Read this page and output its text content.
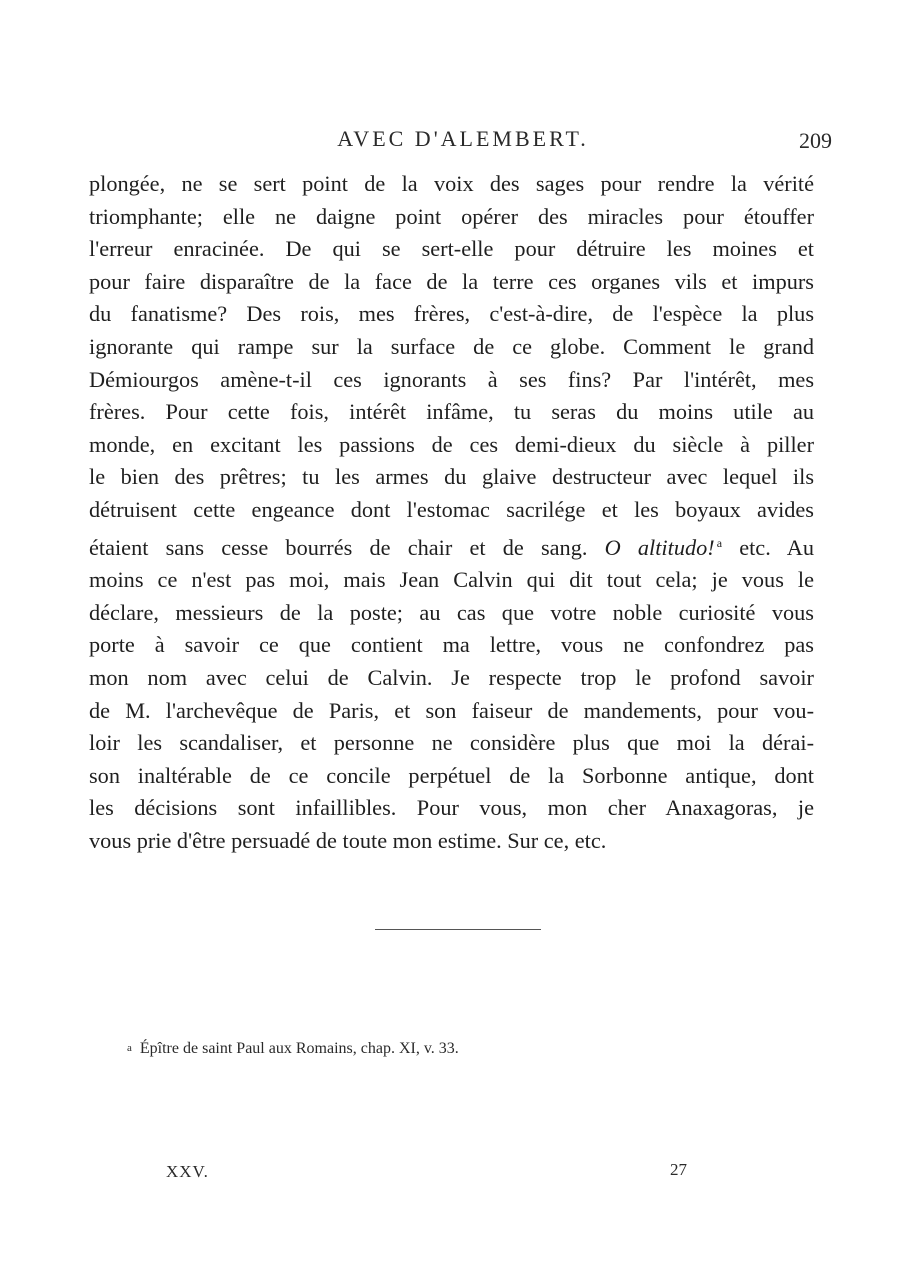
AVEC D'ALEMBERT.	209

plongée, ne se sert point de la voix des sages pour rendre la vérité
triomphante; elle ne daigne point opérer des miracles pour étouffer
l'erreur enracinée. De qui se sert-elle pour détruire les moines et
pour faire disparaître de la face de la terre ces organes vils et impurs
du fanatisme? Des rois, mes frères, c'est-à-dire, de l'espèce la plus
ignorante qui rampe sur la surface de ce globe. Comment le grand
Démiourgos amène-t-il ces ignorants à ses fins? Par l'intérêt, mes
frères. Pour cette fois, intérêt infâme, tu seras du moins utile au
monde, en excitant les passions de ces demi-dieux du siècle à piller
le bien des prêtres; tu les armes du glaive destructeur avec lequel ils
détruisent cette engeance dont l'estomac sacrilége et les boyaux avides
étaient sans cesse bourrés de chair et de sang. O altitudo! $^a$ etc. Au
moins ce n'est pas moi, mais Jean Calvin qui dit tout cela; je vous le
déclare, messieurs de la poste; au cas que votre noble curiosité vous
porte à savoir ce que contient ma lettre, vous ne confondrez pas
mon nom avec celui de Calvin. Je respecte trop le profond savoir
de M. l'archevêque de Paris, et son faiseur de mandements, pour vou-
loir les scandaliser, et personne ne considère plus que moi la dérai-
son inaltérable de ce concile perpétuel de la Sorbonne antique, dont
les décisions sont infaillibles. Pour vous, mon cher Anaxagoras, je
vous prie d'être persuadé de toute mon estime. Sur ce, etc.

a Épître de saint Paul aux Romains, chap. XI, v. 33.
XXV.	27
